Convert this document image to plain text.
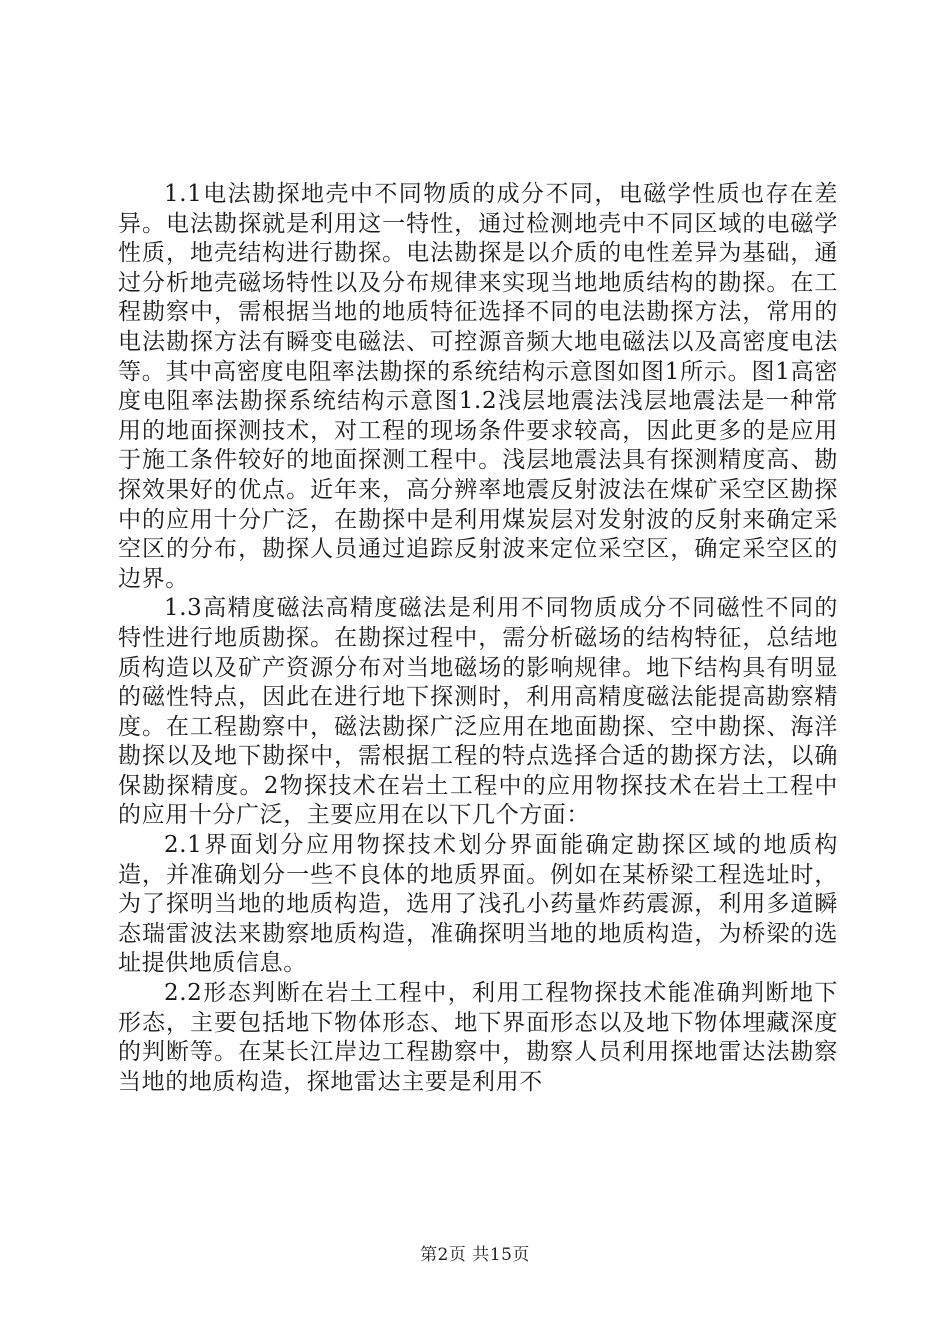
1.1电法勘探地壳中不同物质的成分不同，电磁学性质也存在差异。电法勘探就是利用这一特性，通过检测地壳中不同区域的电磁学性质，地壳结构进行勘探。电法勘探是以介质的电性差异为基础，通过分析地壳磁场特性以及分布规律来实现当地地质结构的勘探。在工程勘察中，需根据当地的地质特征选择不同的电法勘探方法，常用的电法勘探方法有瞬变电磁法、可控源音频大地电磁法以及高密度电法等。其中高密度电阻率法勘探的系统结构示意图如图1所示。图1高密度电阻率法勘探系统结构示意图1.2浅层地震法浅层地震法是一种常用的地面探测技术，对工程的现场条件要求较高，因此更多的是应用于施工条件较好的地面探测工程中。浅层地震法具有探测精度高、勘探效果好的优点。近年来，高分辨率地震反射波法在煤矿采空区勘探中的应用十分广泛，在勘探中是利用煤炭层对发射波的反射来确定采空区的分布，勘探人员通过追踪反射波来定位采空区，确定采空区的边界。

1.3高精度磁法高精度磁法是利用不同物质成分不同磁性不同的特性进行地质勘探。在勘探过程中，需分析磁场的结构特征，总结地质构造以及矿产资源分布对当地磁场的影响规律。地下结构具有明显的磁性特点，因此在进行地下探测时，利用高精度磁法能提高勘察精度。在工程勘察中，磁法勘探广泛应用在地面勘探、空中勘探、海洋勘探以及地下勘探中，需根据工程的特点选择合适的勘探方法，以确保勘探精度。2物探技术在岩土工程中的应用物探技术在岩土工程中的应用十分广泛，主要应用在以下几个方面：

2.1界面划分应用物探技术划分界面能确定勘探区域的地质构造，并准确划分一些不良体的地质界面。例如在某桥梁工程选址时，为了探明当地的地质构造，选用了浅孔小药量炸药震源，利用多道瞬态瑞雷波法来勘察地质构造，准确探明当地的地质构造，为桥梁的选址提供地质信息。

2.2形态判断在岩土工程中，利用工程物探技术能准确判断地下形态，主要包括地下物体形态、地下界面形态以及地下物体埋藏深度的判断等。在某长江岸边工程勘察中，勘察人员利用探地雷达法勘察当地的地质构造，探地雷达主要是利用不

第2页 共15页
